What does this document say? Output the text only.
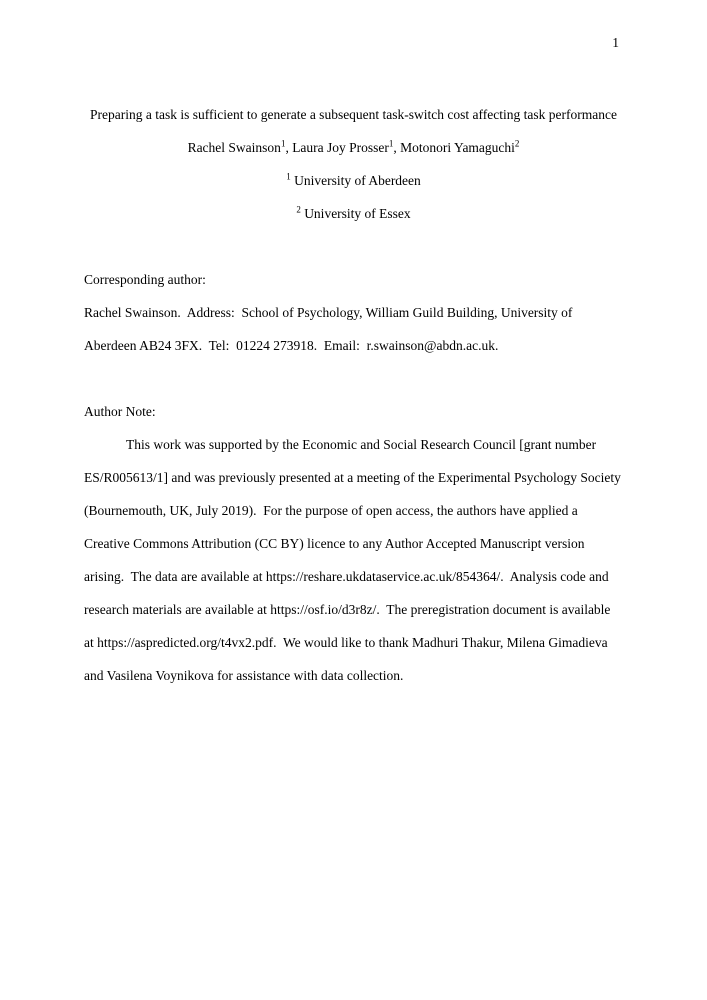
1
Preparing a task is sufficient to generate a subsequent task-switch cost affecting task performance

Rachel Swainson$^1$, Laura Joy Prosser$^1$, Motonori Yamaguchi$^2$

$^1$ University of Aberdeen

$^2$ University of Essex

Corresponding author:

Rachel Swainson.  Address:  School of Psychology, William Guild Building, University of Aberdeen AB24 3FX.  Tel:  01224 273918.  Email:  r.swainson@abdn.ac.uk.

Author Note:

This work was supported by the Economic and Social Research Council [grant number ES/R005613/1] and was previously presented at a meeting of the Experimental Psychology Society (Bournemouth, UK, July 2019).  For the purpose of open access, the authors have applied a Creative Commons Attribution (CC BY) licence to any Author Accepted Manuscript version arising.  The data are available at https://reshare.ukdataservice.ac.uk/854364/.  Analysis code and research materials are available at https://osf.io/d3r8z/.  The preregistration document is available at https://aspredicted.org/t4vx2.pdf.  We would like to thank Madhuri Thakur, Milena Gimadieva and Vasilena Voynikova for assistance with data collection.
